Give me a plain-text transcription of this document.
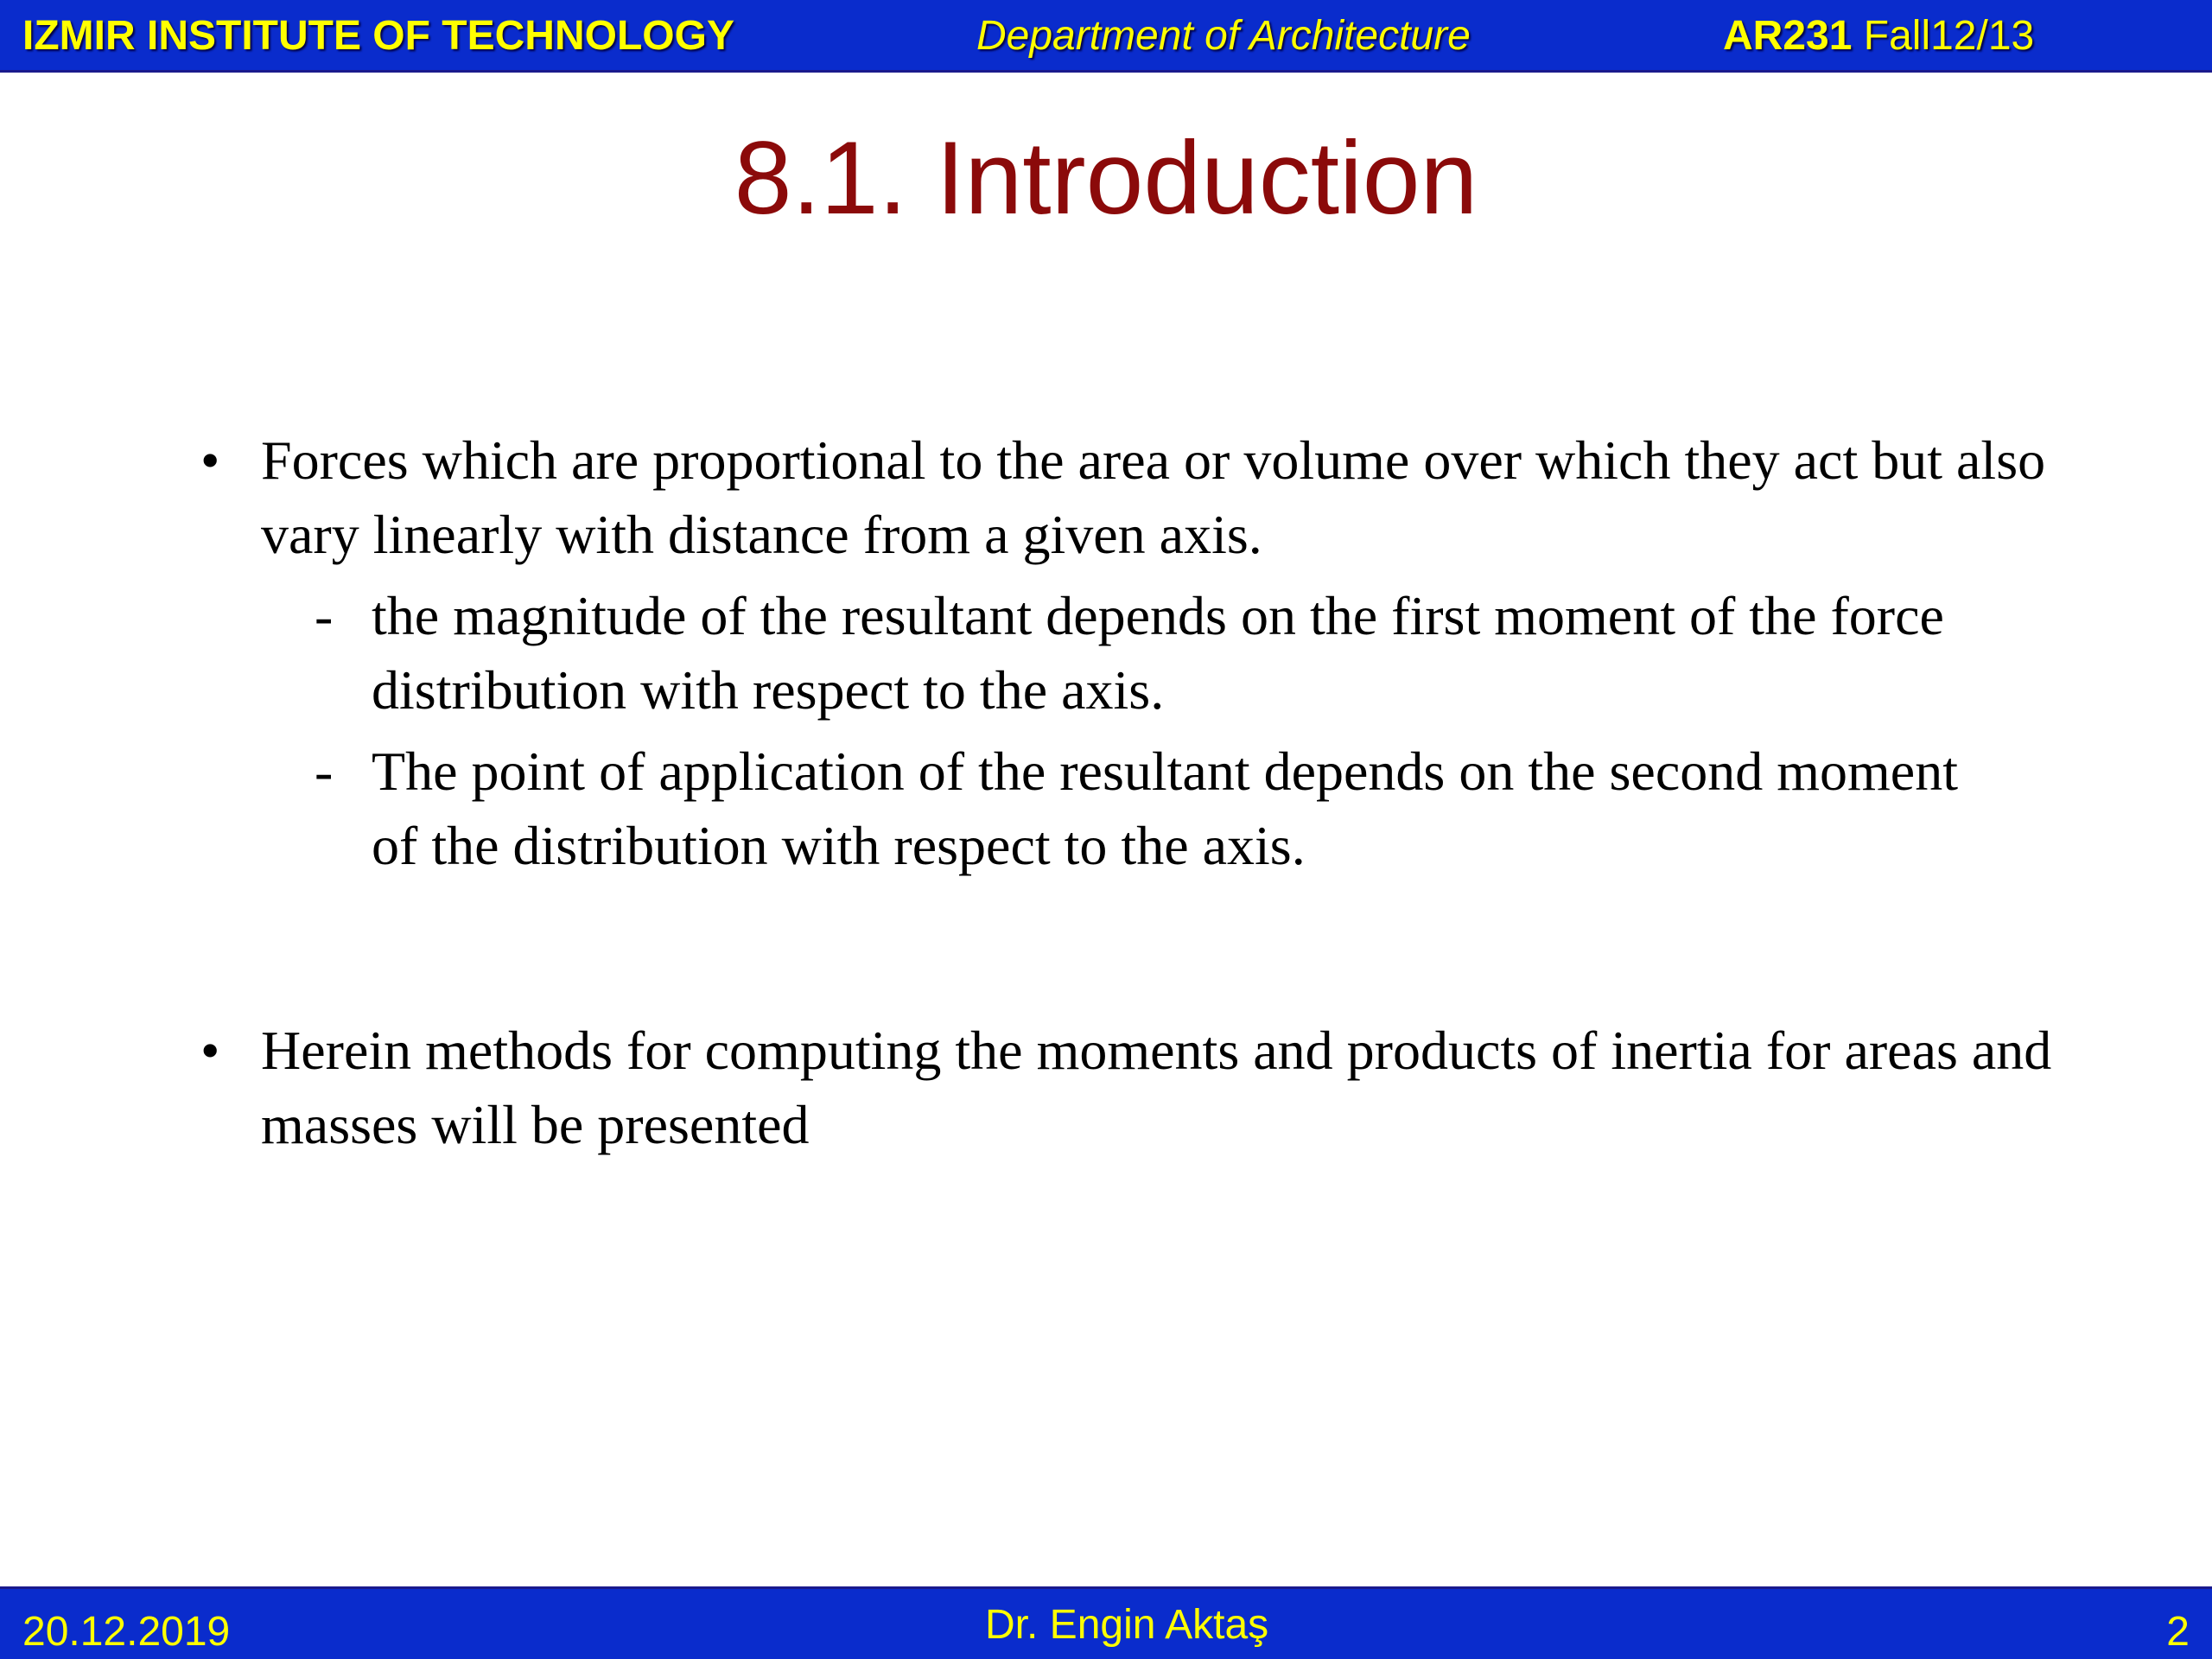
IZMIR INSTITUTE OF TECHNOLOGY	Department of Architecture	AR231 Fall12/13
8.1. Introduction
• Forces which are proportional to the area or volume over which they act but also vary linearly with distance from a given axis.
- the magnitude of the resultant depends on the first moment of the force distribution with respect to the axis.
- The point of application of the resultant depends on the second moment of the distribution with respect to the axis.
• Herein methods for computing the moments and products of inertia for areas and masses will be presented
20.12.2019	Dr. Engin Aktaş	2
